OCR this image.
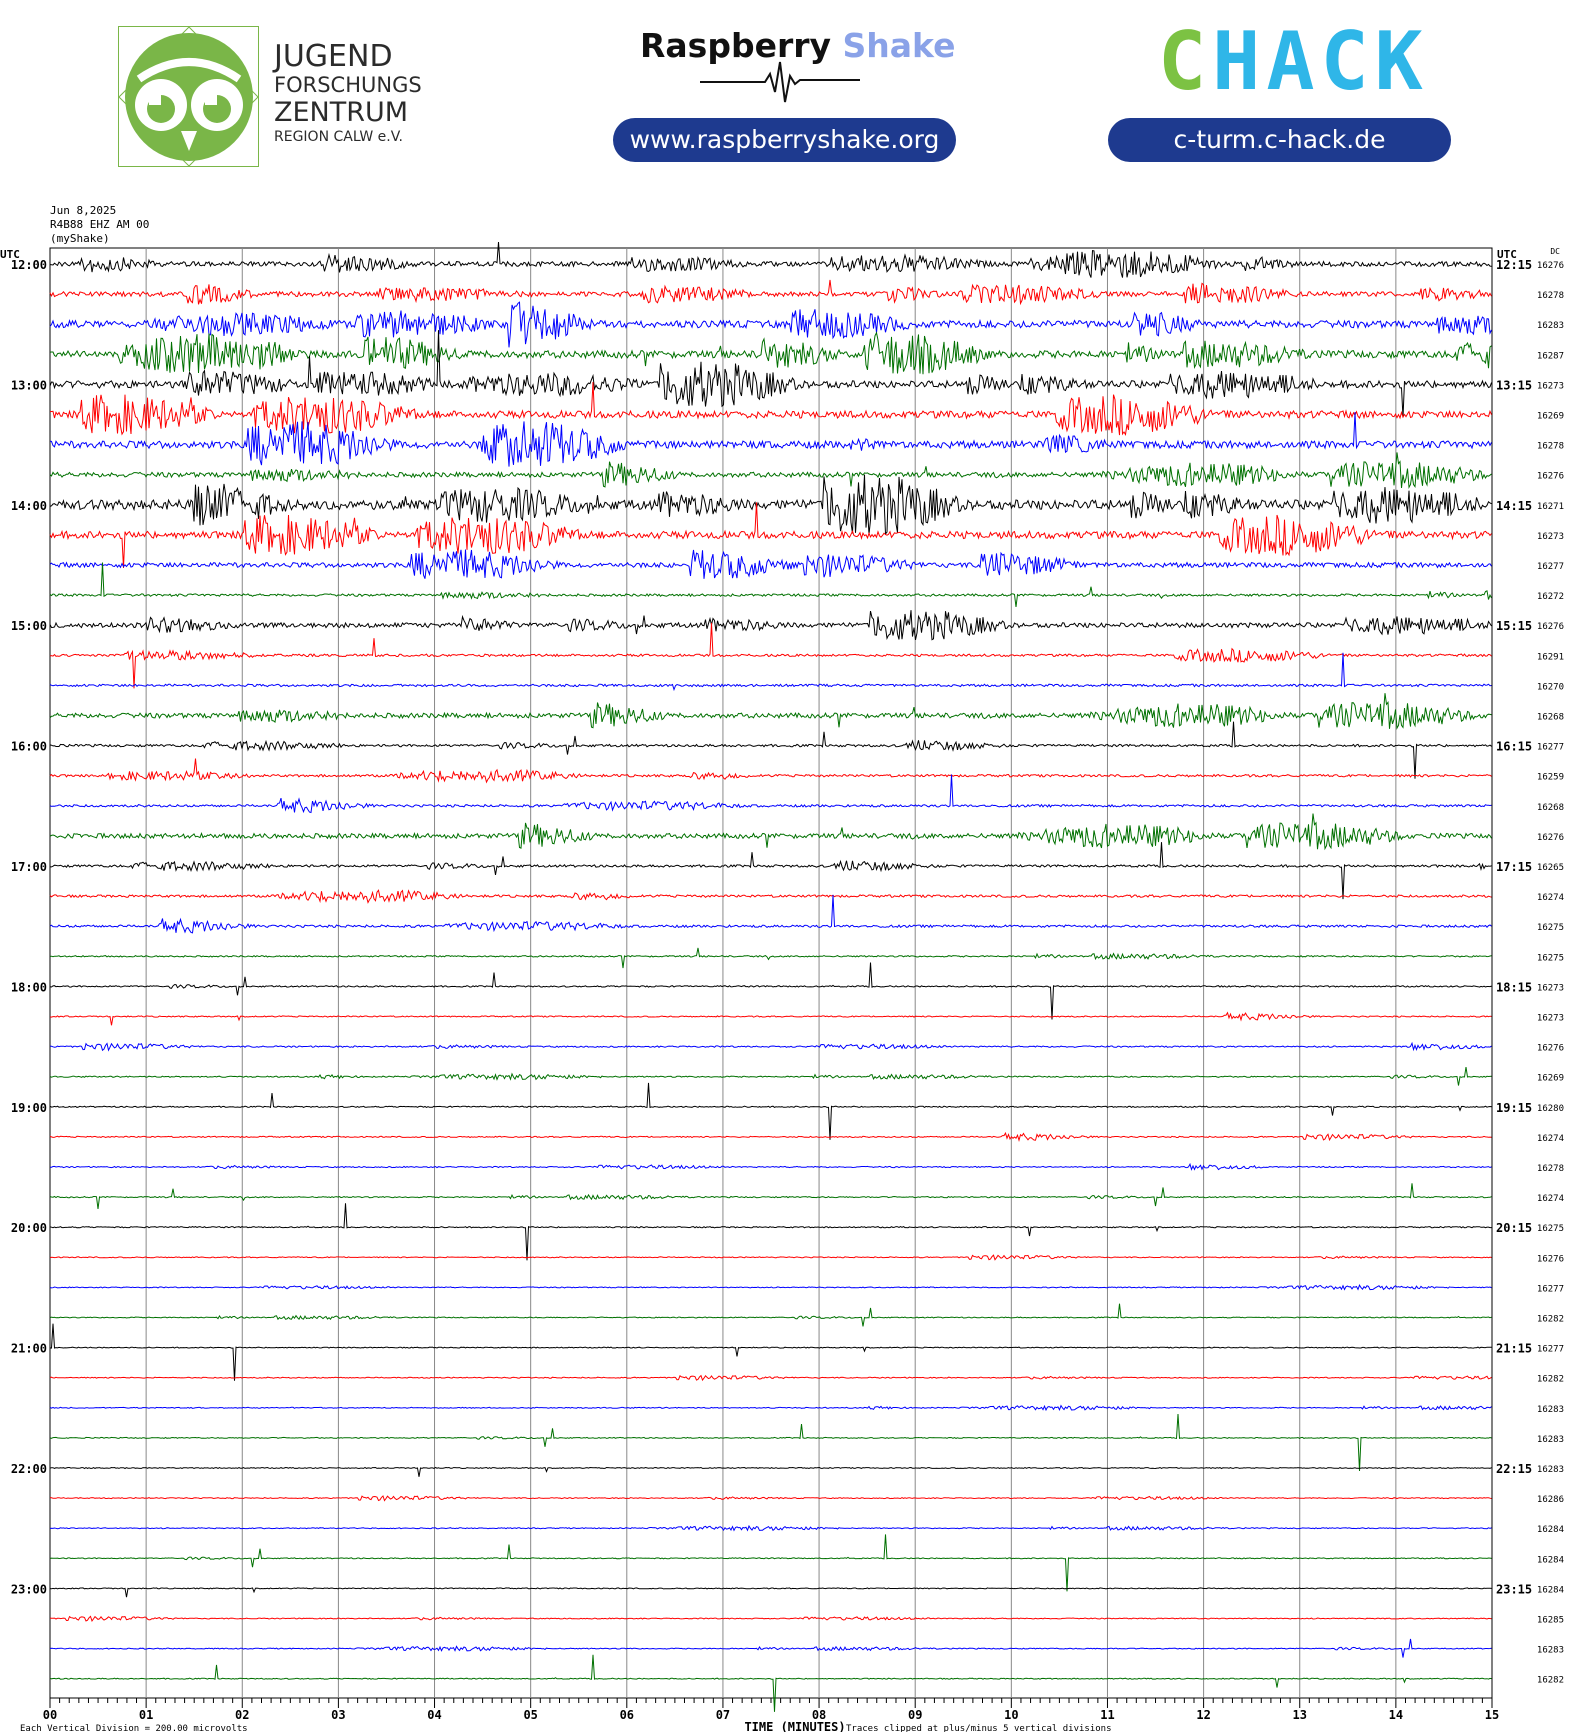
JUGEND
FORSCHUNGS
ZENTRUM
REGION CALW e.V.
Raspberry Shake
www.raspberryshake.org
CHACK
c-turm.c-hack.de
Jun 8,2025
R4B88 EHZ AM 00
(myShake)
00	01	02	03	04	05	06	07	08	09	10	11	12	13	14	15
TIME (MINUTES)
Each Vertical Division = 200.00 microvolts	Traces clipped at plus/minus 5 vertical divisions
16276
16278
16283
16287
16273
16269
16278
16276
16271
16273
16277
16272
16276
16291
16270
16268
16277
16259
16268
16276
16265
16274
16275
16275
16273
16273
16276
16269
16280
16274
16278
16274
16275
16276
16277
16282
16277
16282
16283
16283
16283
16286
16284
16284
16284
16285
16283
16282
12:00
13:00
14:00
15:00
16:00
17:00
18:00
19:00
20:00
21:00
22:00
23:00
12:15
13:15
14:15
15:15
16:15
17:15
18:15
19:15
20:15
21:15
22:15
23:15
UTC	UTC	DC
